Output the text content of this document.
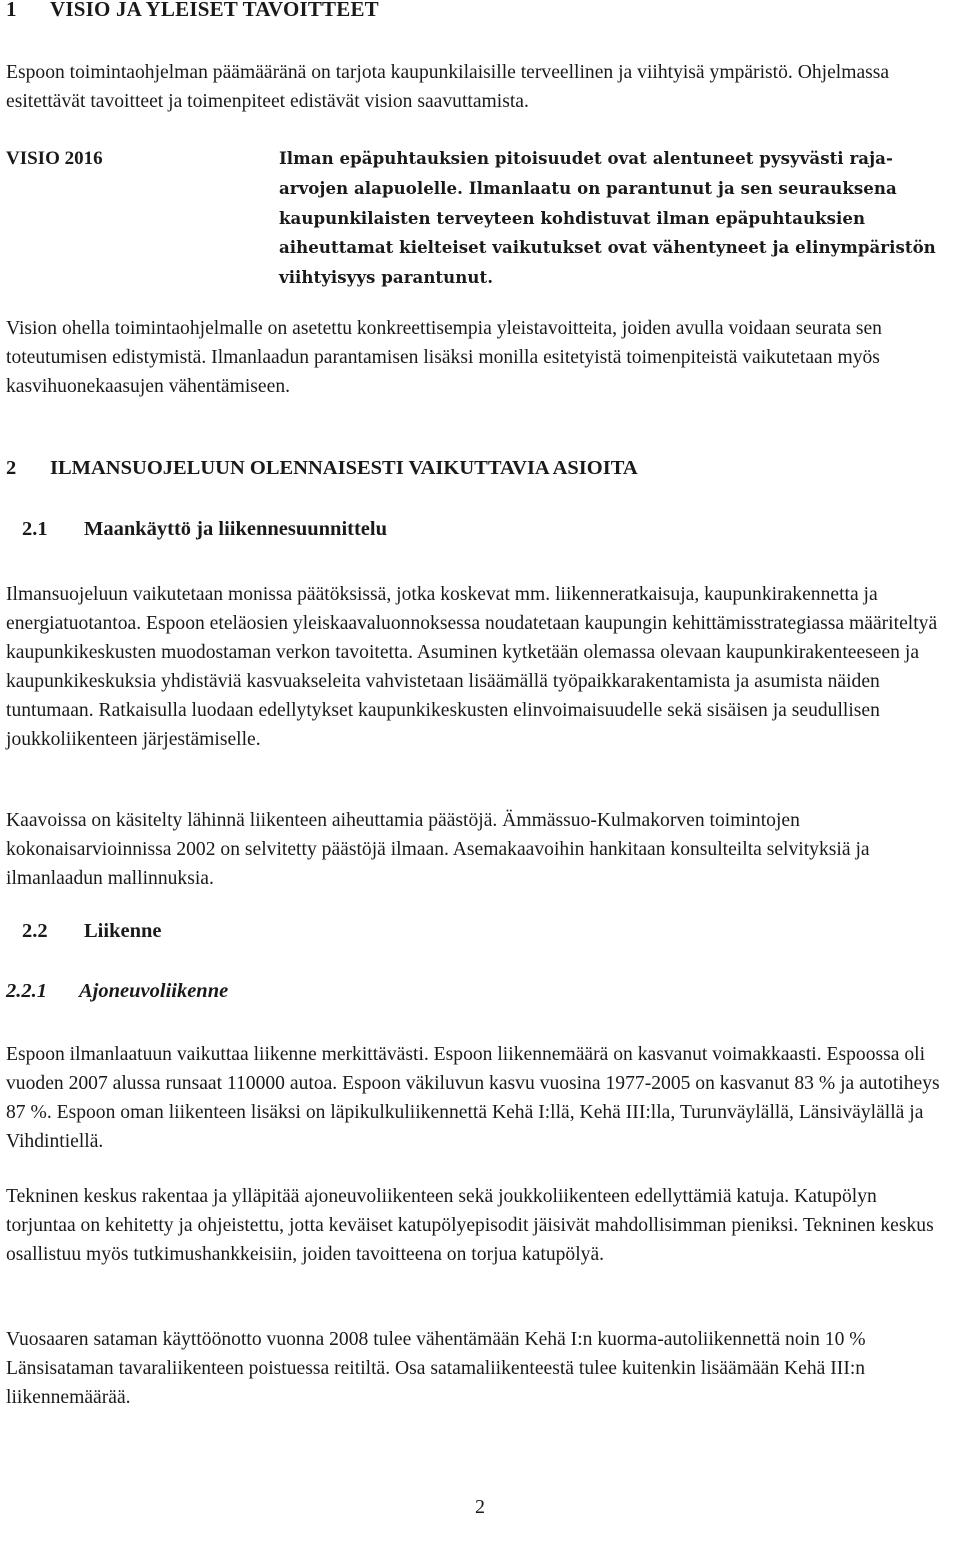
1 VISIO JA YLEISET TAVOITTEET

Espoon toimintaohjelman päämääränä on tarjota kaupunkilaisille terveellinen ja viihtyisä ympäristö. Ohjelmassa esitettävät tavoitteet ja toimenpiteet edistävät vision saavuttamista.

VISIO 2016	Ilman epäpuhtauksien pitoisuudet ovat alentuneet pysyvästi raja-arvojen alapuolelle. Ilmanlaatu on parantunut ja sen seurauksena kaupunkilaisten terveyteen kohdistuvat ilman epäpuhtauksien aiheuttamat kielteiset vaikutukset ovat vähentyneet ja elinympäristön viihtyisyys parantunut.

Vision ohella toimintaohjelmalle on asetettu konkreettisempia yleistavoitteita, joiden avulla voidaan seurata sen toteutumisen edistymistä. Ilmanlaadun parantamisen lisäksi monilla esitetyistä toimenpiteistä vaikutetaan myös kasvihuonekaasujen vähentämiseen.

2 ILMANSUOJELUUN OLENNAISESTI VAIKUTTAVIA ASIOITA
2.1 Maankäyttö ja liikennesuunnittelu

Ilmansuojeluun vaikutetaan monissa päätöksissä, jotka koskevat mm. liikenneratkaisuja, kaupunkirakennetta ja energiatuotantoa. Espoon eteläosien yleiskaavaluonnoksessa noudatetaan kaupungin kehittämisstrategiassa määriteltyä kaupunkikeskusten muodostaman verkon tavoitetta. Asuminen kytketään olemassa olevaan kaupunkirakenteeseen ja kaupunkikeskuksia yhdistäviä kasvuakseleita vahvistetaan lisäämällä työpaikkarakentamista ja asumista näiden tuntumaan. Ratkaisulla luodaan edellytykset kaupunkikeskusten elinvoimaisuudelle sekä sisäisen ja seudullisen joukkoliikenteen järjestämiselle.

Kaavoissa on käsitelty lähinnä liikenteen aiheuttamia päästöjä. Ämmässuo-Kulmakorven toimintojen kokonaisarvioinnissa 2002 on selvitetty päästöjä ilmaan. Asemakaavoihin hankitaan konsulteilta selvityksiä ja ilmanlaadun mallinnuksia.

2.2 Liikenne
2.2.1 Ajoneuvoliikenne

Espoon ilmanlaatuun vaikuttaa liikenne merkittävästi. Espoon liikennemäärä on kasvanut voimakkaasti. Espoossa oli vuoden 2007 alussa runsaat 110000 autoa. Espoon väkiluvun kasvu vuosina 1977-2005 on kasvanut 83 % ja autotiheys 87 %. Espoon oman liikenteen lisäksi on läpikulkuliikennettä Kehä I:llä, Kehä III:lla, Turunväylällä, Länsiväylällä ja Vihdintiellä.

Tekninen keskus rakentaa ja ylläpitää ajoneuvoliikenteen sekä joukkoliikenteen edellyttämiä katuja. Katupölyn torjuntaa on kehitetty ja ohjeistettu, jotta keväiset katupölyepisodit jäisivät mahdollisimman pieniksi. Tekninen keskus osallistuu myös tutkimushankkeisiin, joiden tavoitteena on torjua katupölyä.

Vuosaaren sataman käyttöönotto vuonna 2008 tulee vähentämään Kehä I:n kuorma-autoliikennettä noin 10 % Länsisataman tavaraliikenteen poistuessa reitiltä. Osa satamaliikenteestä tulee kuitenkin lisäämään Kehä III:n liikennemäärää.

2
